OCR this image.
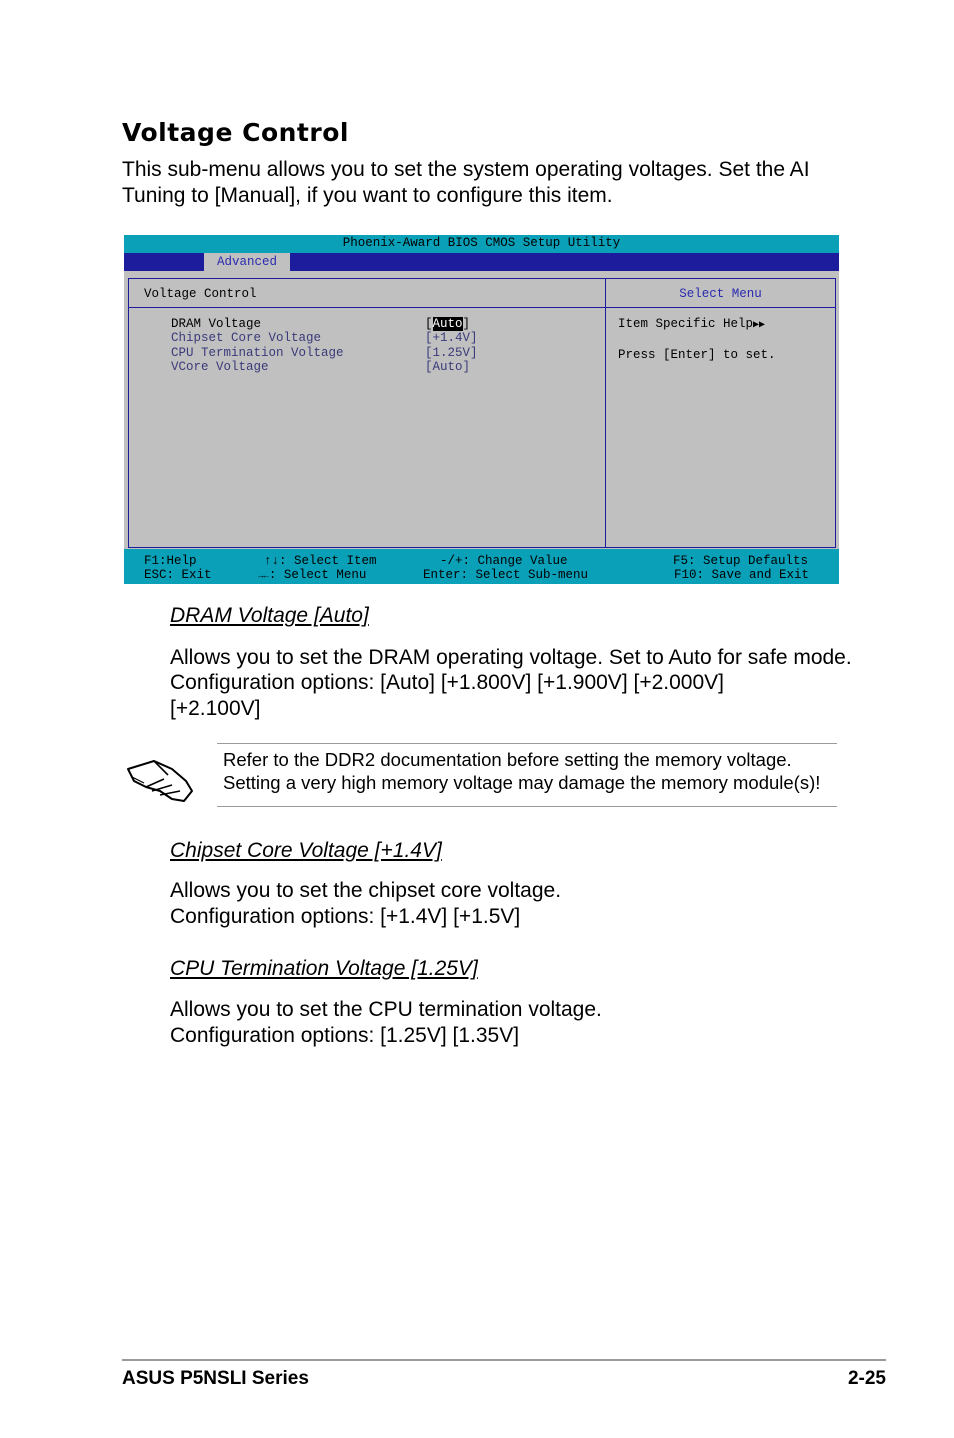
Voltage Control

This sub-menu allows you to set the system operating voltages. Set the AI Tuning to [Manual], if you want to configure this item.

Phoenix-Award BIOS CMOS Setup Utility
Advanced
Voltage Control

DRAM Voltage

	[Auto]

Chipset Core Voltage

	[+1.4V]

CPU Termination Voltage

	[1.25V]

VCore Voltage

	[Auto]

Select Menu
Item Specific Help▶▶
Press [Enter] to set.
F1:Help
ESC: Exit
↑↓: Select Item
→←: Select Menu
-/+: Change Value
Enter: Select Sub-menu
F5: Setup Defaults
F10: Save and Exit

DRAM Voltage [Auto]

Allows you to set the DRAM operating voltage. Set to Auto for safe mode.

Configuration options: [Auto] [+1.800V] [+1.900V] [+2.000V]

[+2.100V]

Refer to the DDR2 documentation before setting the memory voltage.
Setting a very high memory voltage may damage the memory module(s)!

Chipset Core Voltage [+1.4V]

Allows you to set the chipset core voltage.

Configuration options: [+1.4V] [+1.5V]

CPU Termination Voltage [1.25V]

Allows you to set the CPU termination voltage.

Configuration options: [1.25V] [1.35V]

ASUS P5NSLI Series	2-25
